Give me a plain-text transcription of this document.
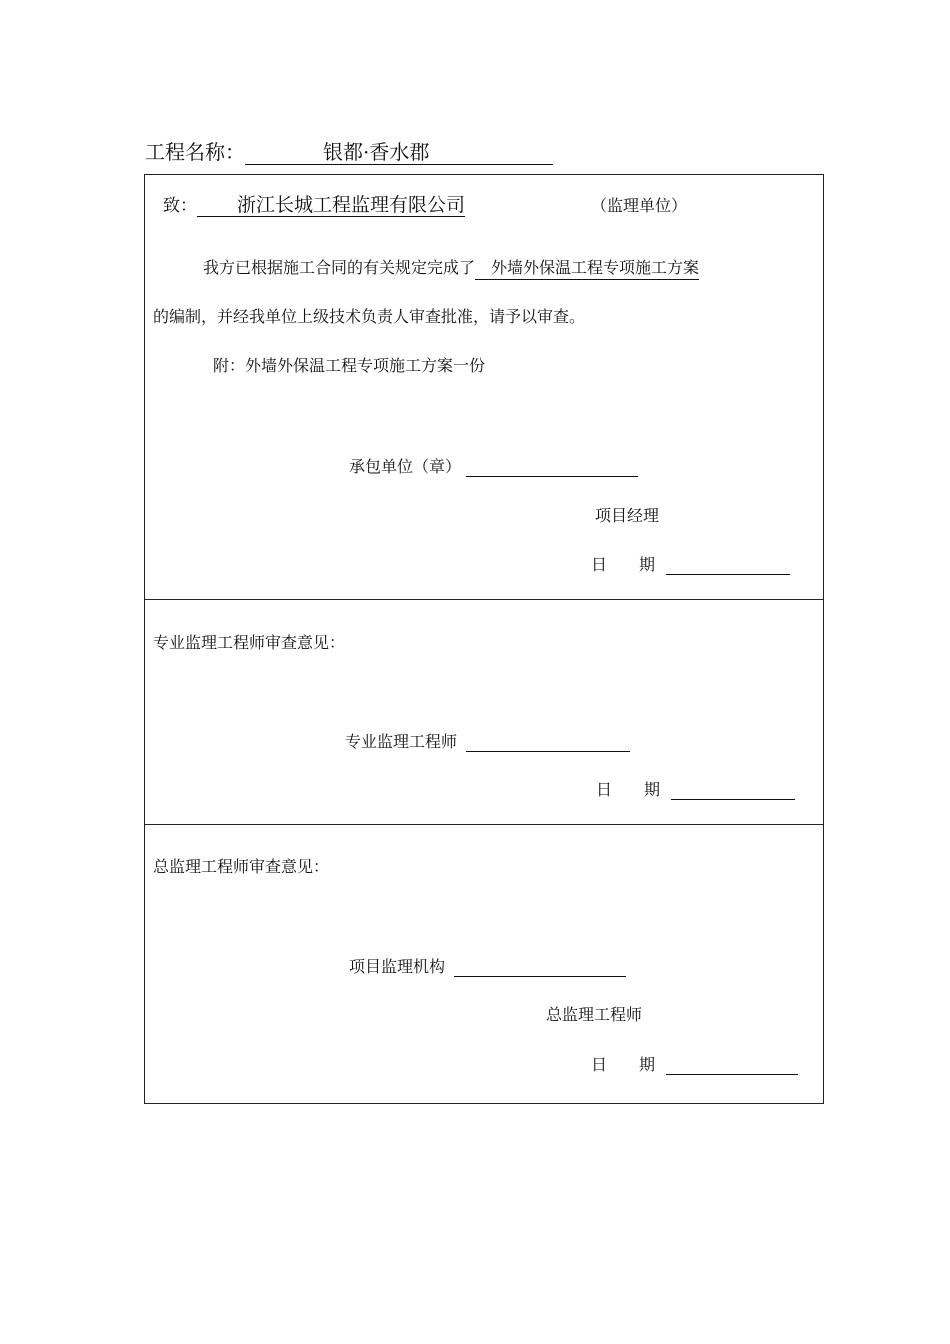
工程名称：	银都·香水郡
致： 浙江长城工程监理有限公司	（监理单位）
我方已根据施工合同的有关规定完成了 外墙外保温工程专项施工方案
的编制，并经我单位上级技术负责人审查批准，请予以审查。
附：外墙外保温工程专项施工方案一份
承包单位（章）
项目经理
日　　期
专业监理工程师审查意见：
专业监理工程师
日　　期
总监理工程师审查意见：
项目监理机构
总监理工程师
日　　期
